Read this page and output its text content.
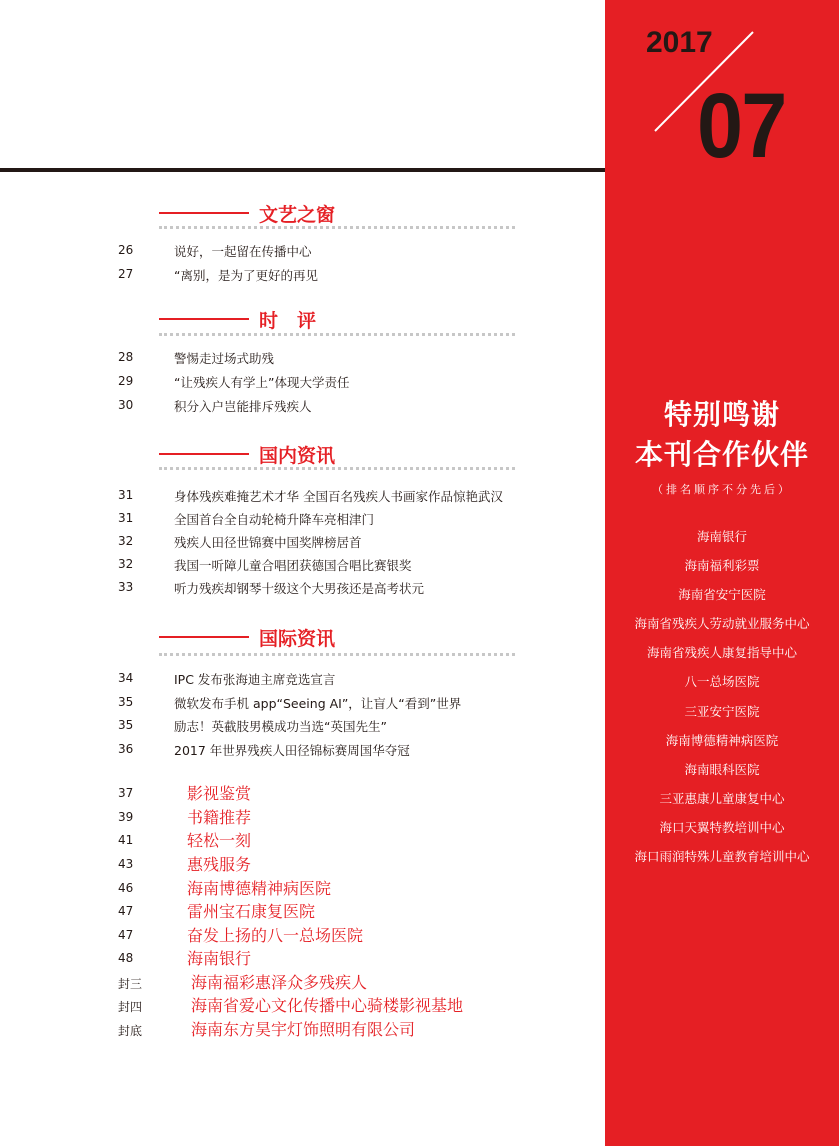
2017
07
特别鸣谢
本刊合作伙伴
（排名顺序不分先后）
海南银行
海南福利彩票
海南省安宁医院
海南省残疾人劳动就业服务中心
海南省残疾人康复指导中心
八一总场医院
三亚安宁医院
海南博德精神病医院
海南眼科医院
三亚惠康儿童康复中心
海口天翼特教培训中心
海口雨润特殊儿童教育培训中心
文艺之窗
26	说好，一起留在传播中心
27	“离别，是为了更好的再见
时　评
28	警惕走过场式助残
29	“让残疾人有学上”体现大学责任
30	积分入户岂能排斥残疾人
国内资讯
31	身体残疾难掩艺术才华 全国百名残疾人书画家作品惊艳武汉
31	全国首台全自动轮椅升降车亮相津门
32	残疾人田径世锦赛中国奖牌榜居首
32	我国一听障儿童合唱团获德国合唱比赛银奖
33	听力残疾却钢琴十级这个大男孩还是高考状元
国际资讯
34	IPC 发布张海迪主席竞选宣言
35	微软发布手机 app“Seeing AI”，让盲人“看到”世界
35	励志！英截肢男模成功当选“英国先生”
36	2017 年世界残疾人田径锦标赛周国华夺冠
37	影视鉴赏
39	书籍推荐
41	轻松一刻
43	惠残服务
46	海南博德精神病医院
47	雷州宝石康复医院
47	奋发上扬的八一总场医院
48	海南银行
封三	海南福彩惠泽众多残疾人
封四	海南省爱心文化传播中心骑楼影视基地
封底	海南东方昊宇灯饰照明有限公司
